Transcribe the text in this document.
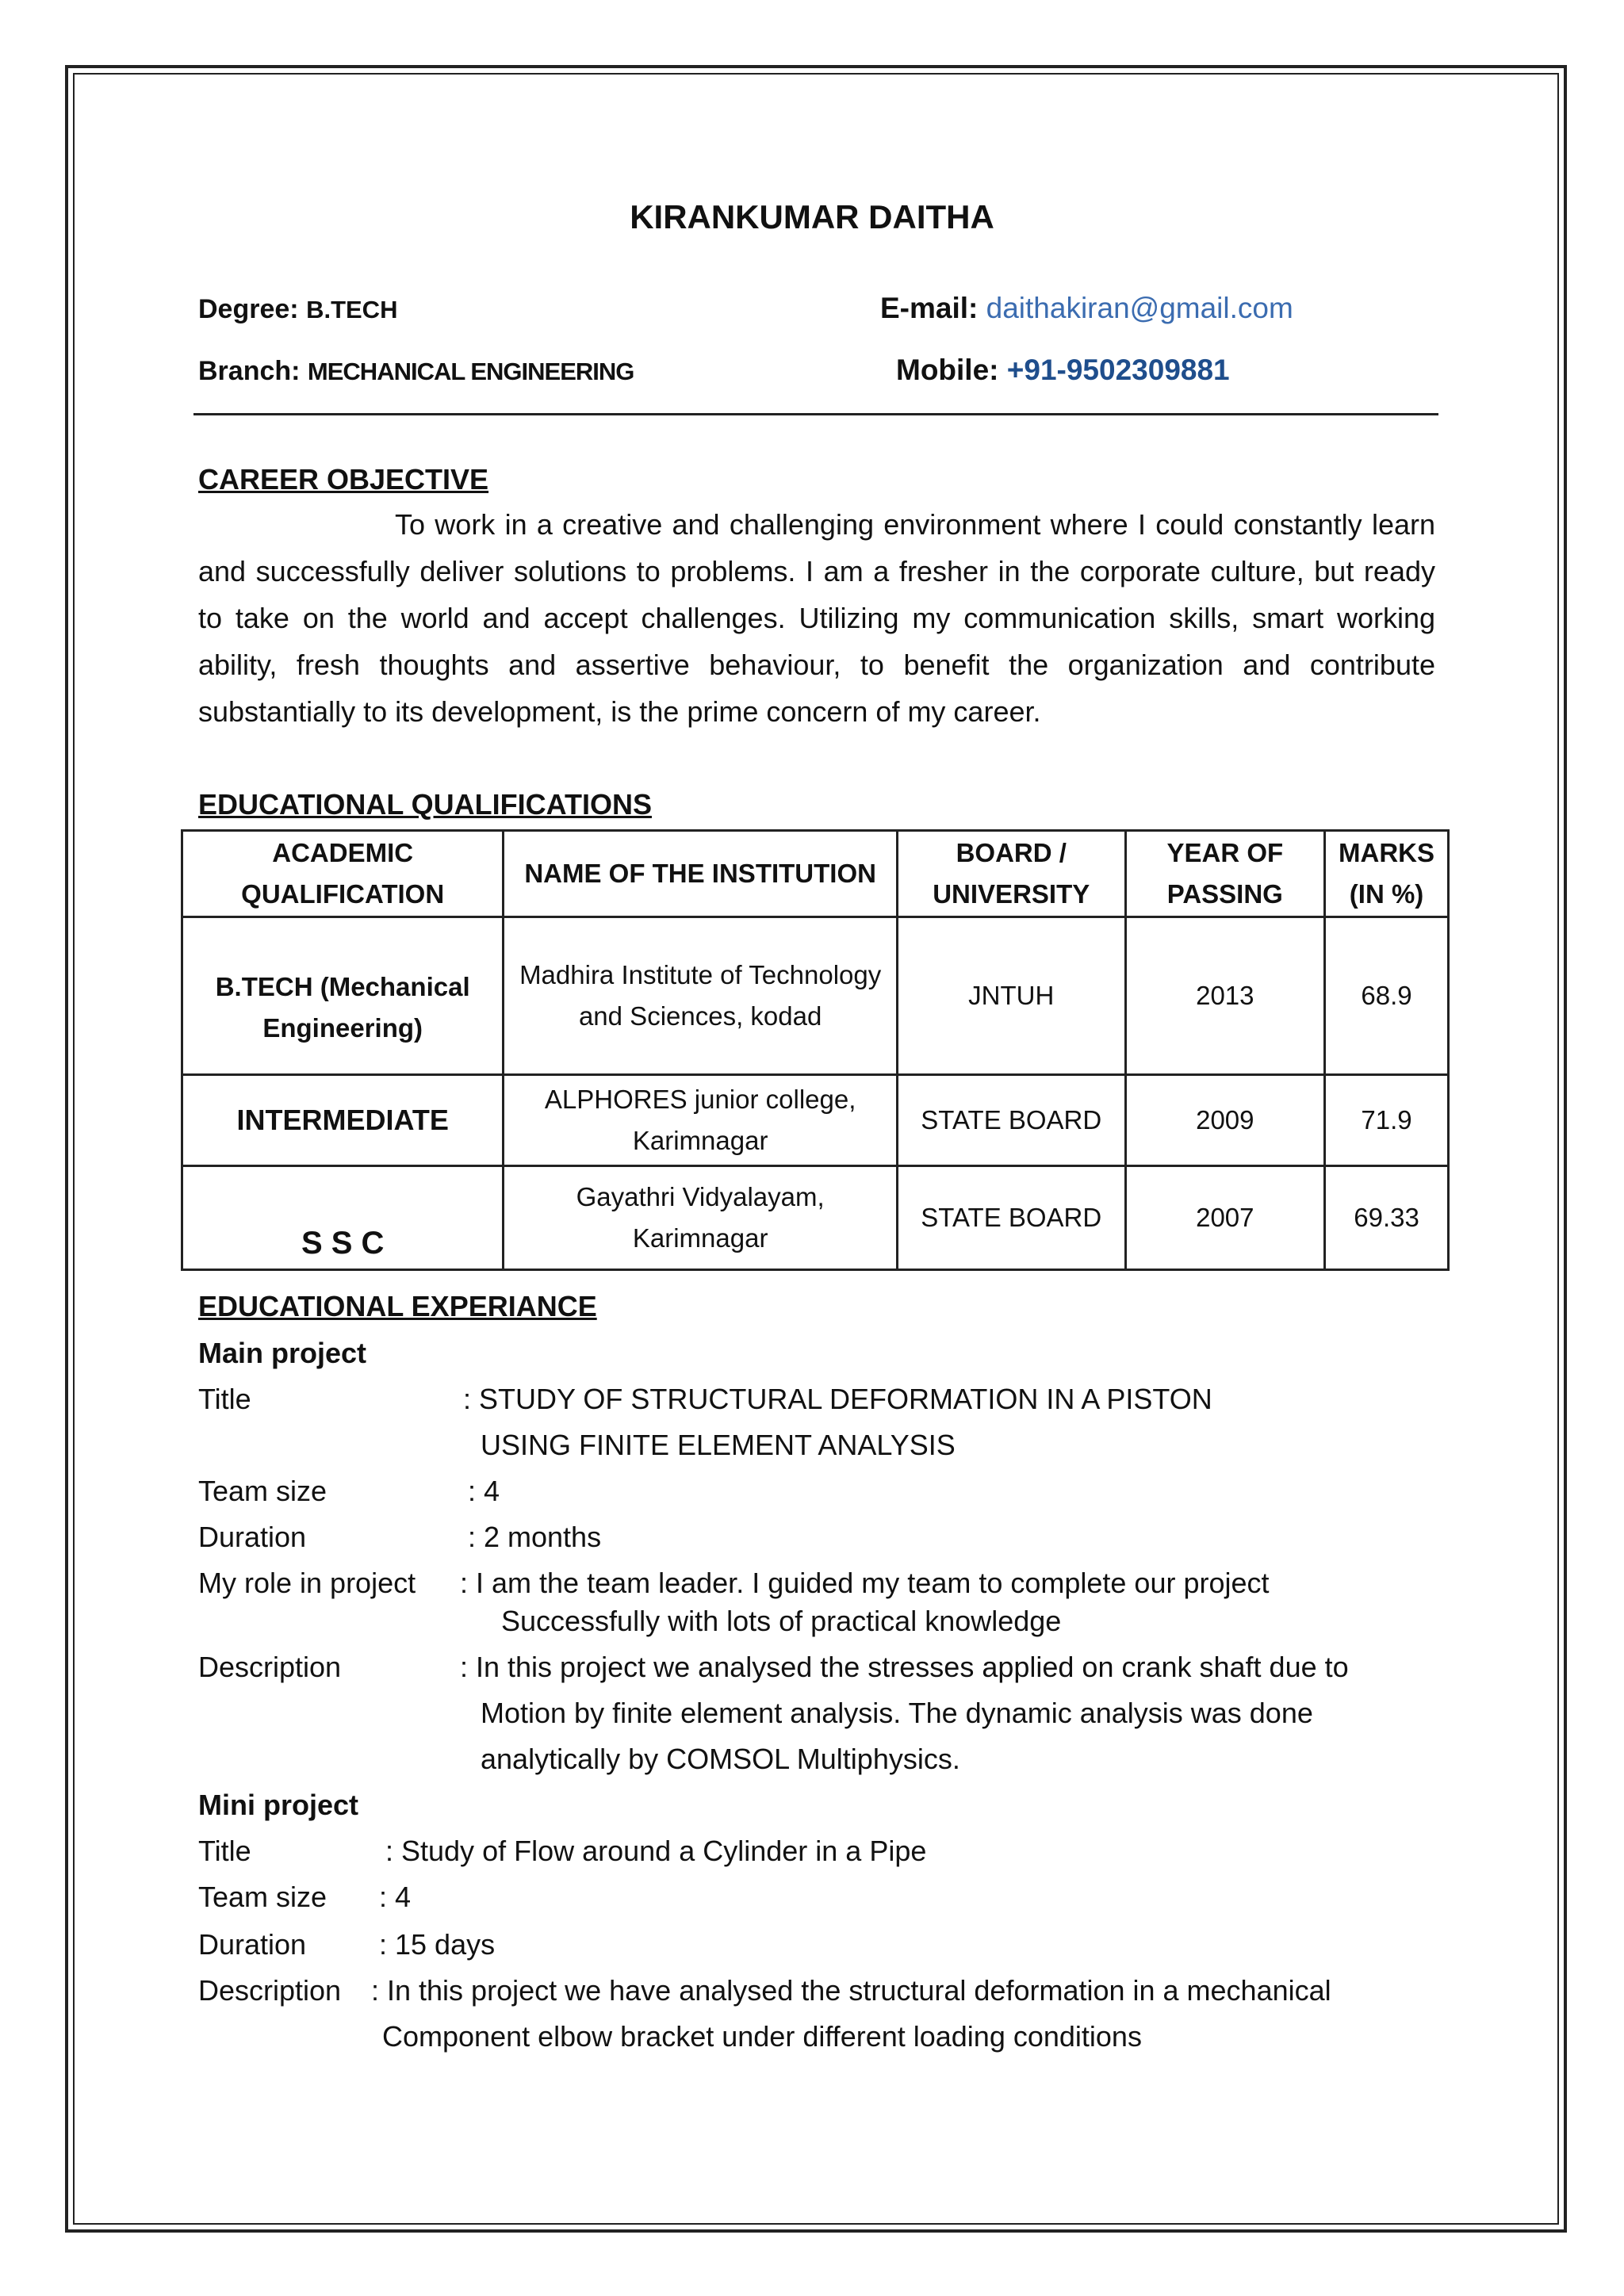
KIRANKUMAR DAITHA
Degree: B.TECH	E-mail: daithakiran@gmail.com
Branch: MECHANICAL ENGINEERING	Mobile: +91-9502309881
CAREER OBJECTIVE

To work in a creative and challenging environment where I could constantly learn and successfully deliver solutions to problems. I am a fresher in the corporate culture, but ready to take on the world and accept challenges. Utilizing my communication skills, smart working ability, fresh thoughts and assertive behaviour, to benefit the organization and contribute substantially to its development, is the prime concern of my career.

EDUCATIONAL QUALIFICATIONS
ACADEMIC QUALIFICATION	NAME OF THE INSTITUTION	BOARD / UNIVERSITY	YEAR OF PASSING	MARKS (IN %)
B.TECH (Mechanical Engineering)	Madhira Institute of Technology and Sciences, kodad	JNTUH	2013	68.9
INTERMEDIATE	ALPHORES junior college, Karimnagar	STATE BOARD	2009	71.9
S S C	Gayathri Vidyalayam, Karimnagar	STATE BOARD	2007	69.33
EDUCATIONAL EXPERIANCE
Main project
Title	: STUDY OF STRUCTURAL DEFORMATION IN A PISTON
USING FINITE ELEMENT ANALYSIS
Team size	: 4
Duration	: 2 months
My role in project : I am the team leader. I guided my team to complete our project
Successfully with lots of practical knowledge
Description	: In this project we analysed the stresses applied on crank shaft due to
Motion by finite element analysis. The dynamic analysis was done
analytically by COMSOL Multiphysics.
Mini project
Title	: Study of Flow around a Cylinder in a Pipe
Team size : 4
Duration	: 15 days
Description : In this project we have analysed the structural deformation in a mechanical
Component elbow bracket under different loading conditions
